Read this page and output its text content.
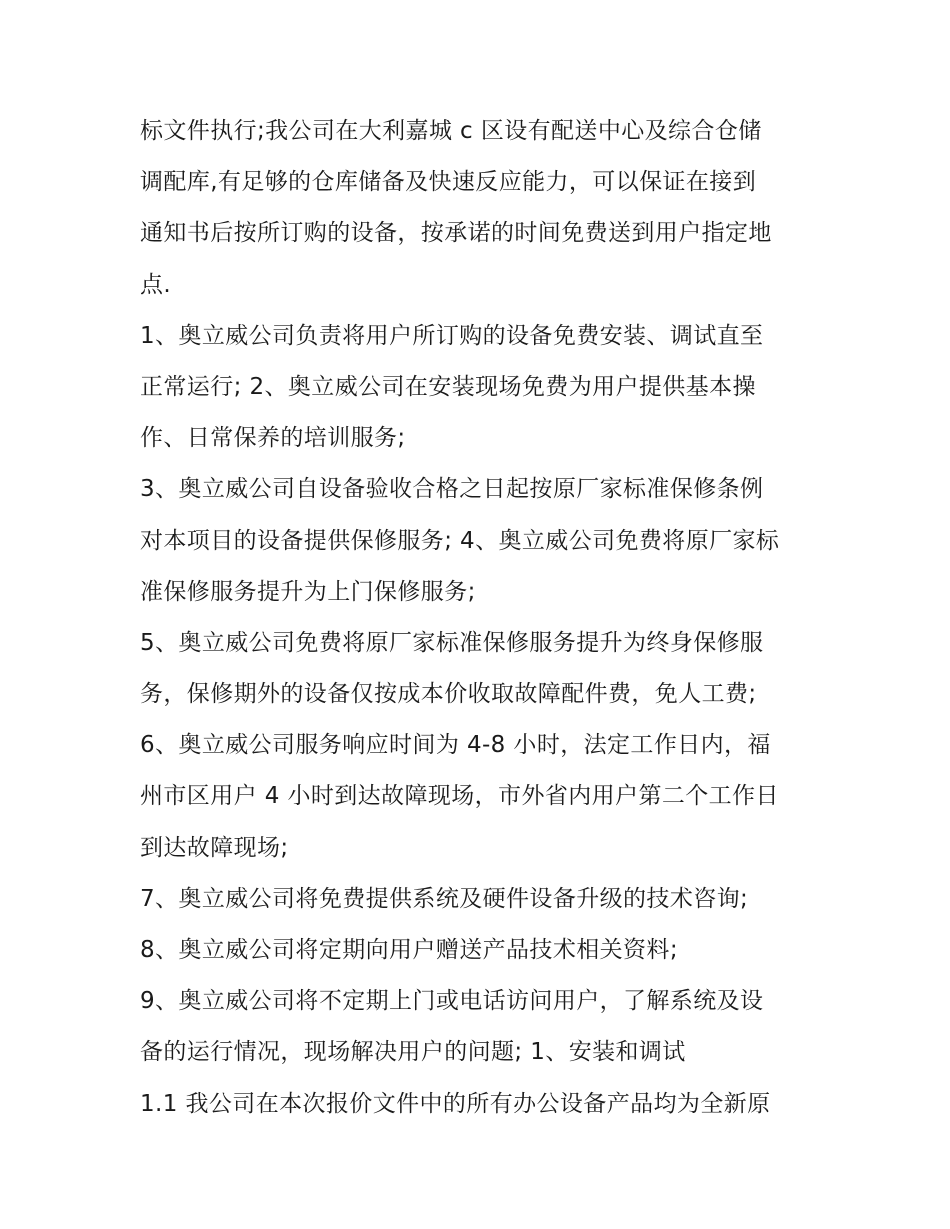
标文件执行;我公司在大利嘉城 c 区设有配送中心及综合仓储
调配库,有足够的仓库储备及快速反应能力，可以保证在接到
通知书后按所订购的设备，按承诺的时间免费送到用户指定地
点.
1、奥立威公司负责将用户所订购的设备免费安装、调试直至
正常运行; 2、奥立威公司在安装现场免费为用户提供基本操
作、日常保养的培训服务;
3、奥立威公司自设备验收合格之日起按原厂家标准保修条例
对本项目的设备提供保修服务; 4、奥立威公司免费将原厂家标
准保修服务提升为上门保修服务;
5、奥立威公司免费将原厂家标准保修服务提升为终身保修服
务，保修期外的设备仅按成本价收取故障配件费，免人工费;
6、奥立威公司服务响应时间为 4-8 小时，法定工作日内，福
州市区用户 4 小时到达故障现场，市外省内用户第二个工作日
到达故障现场;
7、奥立威公司将免费提供系统及硬件设备升级的技术咨询;
8、奥立威公司将定期向用户赠送产品技术相关资料;
9、奥立威公司将不定期上门或电话访问用户，了解系统及设
备的运行情况，现场解决用户的问题; 1、安装和调试
1.1 我公司在本次报价文件中的所有办公设备产品均为全新原
